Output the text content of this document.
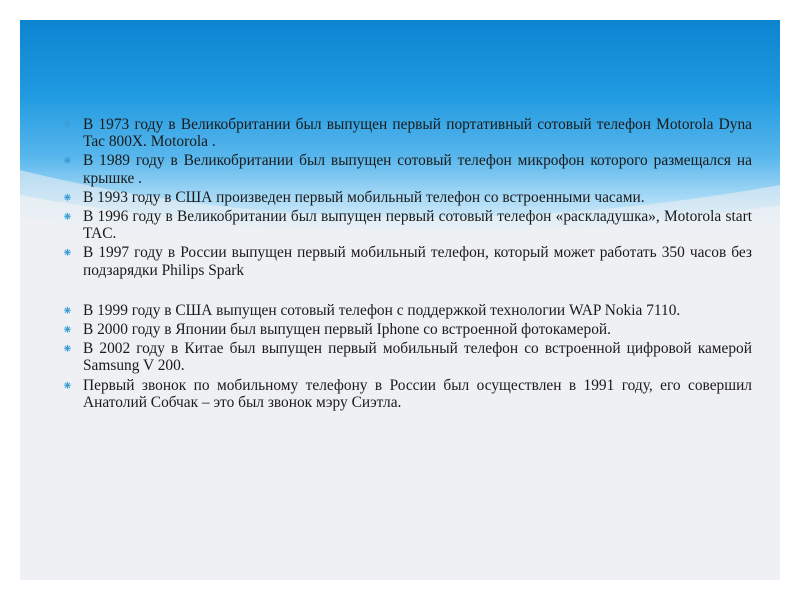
⁕ В 1973 году в Великобритании был выпущен первый портативный сотовый телефон Motorola Dyna Tac 800X. Motorola .
⁕ В 1989 году в Великобритании был выпущен сотовый телефон микрофон которого размещался на крышке .
⁕ В 1993 году в США произведен первый мобильный телефон со встроенными часами.
⁕ В 1996 году в Великобритании был выпущен первый сотовый телефон «раскладушка», Motorola start TAC.
⁕ В 1997 году в России выпущен первый мобильный телефон, который может работать 350 часов без подзарядки Philips Spark
⁕ В 1999 году в США выпущен сотовый телефон с поддержкой технологии WAP Nokia 7110.
⁕ В 2000 году в Японии был выпущен первый Iphone со встроенной фотокамерой.
⁕ В 2002 году в Китае был выпущен первый мобильный телефон со встроенной цифровой камерой Samsung V 200.
⁕ Первый звонок по мобильному телефону в России был осуществлен в 1991 году, его совершил Анатолий Собчак – это был звонок мэру Сиэтла.
